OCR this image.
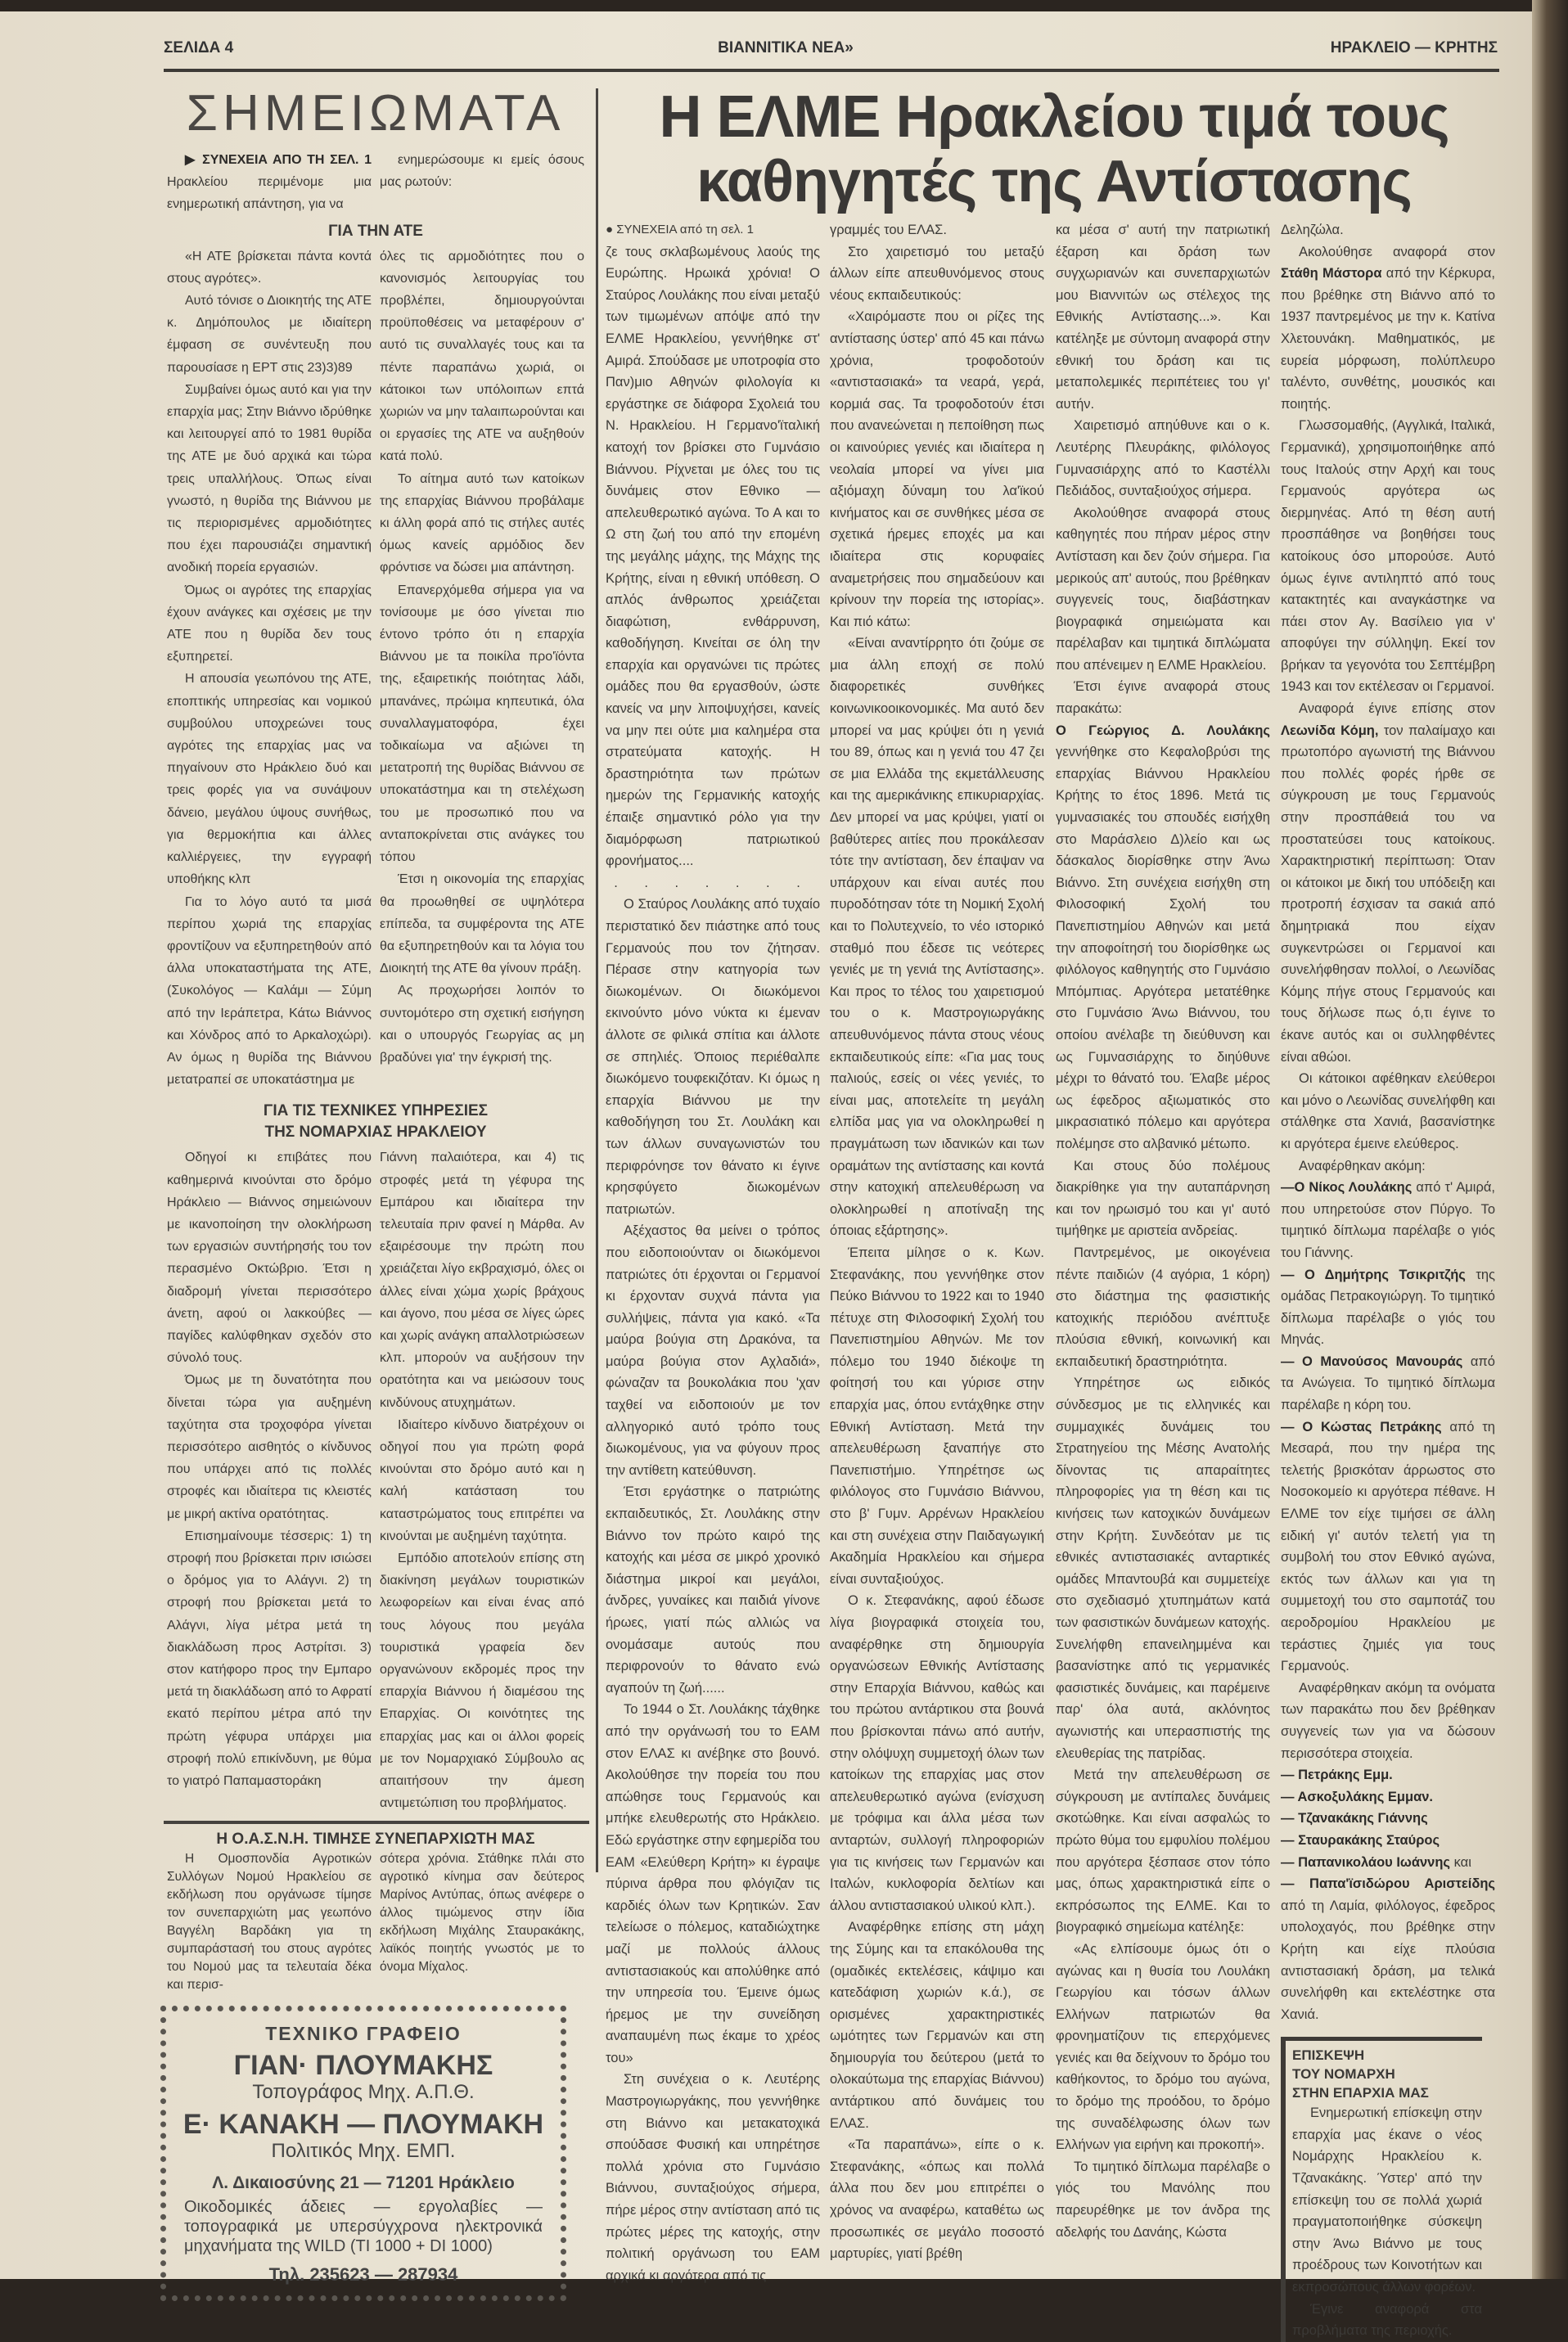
ΣΕΛΙΔΑ 4	ΒΙΑΝΝΙΤΙΚΑ ΝΕΑ»	ΗΡΑΚΛΕΙΟ — ΚΡΗΤΗΣ
ΣΗΜΕΙΩΜΑΤΑ

▶ ΣΥΝΕΧΕΙΑ ΑΠΟ ΤΗ ΣΕΛ. 1 Ηρακλείου περιμένομε μια ενημερωτική απάντηση, για να

ενημερώσουμε κι εμείς όσους μας ρωτούν:

ΓΙΑ ΤΗΝ ΑΤΕ

«Η ΑΤΕ βρίσκεται πάντα κοντά στους αγρότες».

Αυτό τόνισε ο Διοικητής της ΑΤΕ κ. Δημόπουλος με ιδιαίτερη έμφαση σε συνέντευξη που παρουσίασε η ΕΡΤ στις 23)3)89

Συμβαίνει όμως αυτό και για την επαρχία μας; Στην Βιάννο ιδρύθηκε και λειτουργεί από το 1981 θυρίδα της ΑΤΕ με δυό αρχικά και τώρα τρεις υπαλλήλους. Όπως είναι γνωστό, η θυρίδα της Βιάννου με τις περιορισμένες αρμοδιότητες που έχει παρουσιάζει σημαντική ανοδική πορεία εργασιών.

Όμως οι αγρότες της επαρχίας έχουν ανάγκες και σχέσεις με την ΑΤΕ που η θυρίδα δεν τους εξυπηρετεί.

Η απουσία γεωπόνου της ΑΤΕ, εποπτικής υπηρεσίας και νομικού συμβούλου υποχρεώνει τους αγρότες της επαρχίας μας να πηγαίνουν στο Ηράκλειο δυό και τρεις φορές για να συνάψουν δάνειο, μεγάλου ύψους συνήθως, για θερμοκήπια και άλλες καλλιέργειες, την εγγραφή υποθήκης κλπ

Για το λόγο αυτό τα μισά περίπου χωριά της επαρχίας φροντίζουν να εξυπηρετηθούν από άλλα υποκαταστήματα της ΑΤΕ, (Συκολόγος — Καλάμι — Σύμη από την Ιεράπετρα, Κάτω Βιάννος και Χόνδρος από το Αρκαλοχώρι). Αν όμως η θυρίδα της Βιάννου μετατραπεί σε υποκατάστημα με

όλες τις αρμοδιότητες που ο κανονισμός λειτουργίας του προβλέπει, δημιουργούνται προϋποθέσεις να μεταφέρουν σ' αυτό τις συναλλαγές τους και τα πέντε παραπάνω χωριά, οι κάτοικοι των υπόλοιπων επτά χωριών να μην ταλαιπωρούνται και οι εργασίες της ΑΤΕ να αυξηθούν κατά πολύ.

Το αίτημα αυτό των κατοίκων της επαρχίας Βιάννου προβάλαμε κι άλλη φορά από τις στήλες αυτές όμως κανείς αρμόδιος δεν φρόντισε να δώσει μια απάντηση.

Επανερχόμεθα σήμερα για να τονίσουμε με όσο γίνεται πιο έντονο τρόπο ότι η επαρχία Βιάννου με τα ποικίλα προ'ϊόντα της, εξαιρετικής ποιότητας λάδι, μπανάνες, πρώιμα κηπευτικά, όλα συναλλαγματοφόρα, έχει τοδικαίωμα να αξιώνει τη μετατροπή της θυρίδας Βιάννου σε υποκατάστημα και τη στελέχωση του με προσωπικό που να ανταποκρίνεται στις ανάγκες του τόπου

Έτσι η οικονομία της επαρχίας θα προωθηθεί σε υψηλότερα επίπεδα, τα συμφέροντα της ΑΤΕ θα εξυπηρετηθούν και τα λόγια του Διοικητή της ΑΤΕ θα γίνουν πράξη.

Ας προχωρήσει λοιπόν το συντομότερο στη σχετική εισήγηση και ο υπουργός Γεωργίας ας μη βραδύνει για' την έγκρισή της.

ΓΙΑ ΤΙΣ ΤΕΧΝΙΚΕΣ ΥΠΗΡΕΣΙΕΣ
ΤΗΣ ΝΟΜΑΡΧΙΑΣ ΗΡΑΚΛΕΙΟΥ

Οδηγοί κι επιβάτες που καθημερινά κινούνται στο δρόμο Ηράκλειο — Βιάννος σημειώνουν με ικανοποίηση την ολοκλήρωση των εργασιών συντήρησής του τον περασμένο Οκτώβριο. Έτσι η διαδρομή γίνεται περισσότερο άνετη, αφού οι λακκούβες — παγίδες καλύφθηκαν σχεδόν στο σύνολό τους.

Όμως με τη δυνατότητα που δίνεται τώρα για αυξημένη ταχύτητα στα τροχοφόρα γίνεται περισσότερο αισθητός ο κίνδυνος που υπάρχει από τις πολλές στροφές και ιδιαίτερα τις κλειστές με μικρή ακτίνα ορατότητας.

Επισημαίνουμε τέσσερις: 1) τη στροφή που βρίσκεται πριν ισιώσει ο δρόμος για το Αλάγνι. 2) τη στροφή που βρίσκεται μετά το Αλάγνι, λίγα μέτρα μετά τη διακλάδωση προς Αστρίτσι. 3) στον κατήφορο προς την Εμπαρο μετά τη διακλάδωση από το Αφρατί εκατό περίπου μέτρα από την πρώτη γέφυρα υπάρχει μια στροφή πολύ επικίνδυνη, με θύμα το γιατρό Παπαμαστοράκη

Γιάννη παλαιότερα, και 4) τις στροφές μετά τη γέφυρα της Εμπάρου και ιδιαίτερα την τελευταία πριν φανεί η Μάρθα. Αν εξαιρέσουμε την πρώτη που χρειάζεται λίγο εκβραχισμό, όλες οι άλλες είναι χώμα χωρίς βράχους και άγονο, που μέσα σε λίγες ώρες και χωρίς ανάγκη απαλλοτριώσεων κλπ. μπορούν να αυξήσουν την ορατότητα και να μειώσουν τους κινδύνους ατυχημάτων.

Ιδιαίτερο κίνδυνο διατρέχουν οι οδηγοί που για πρώτη φορά κινούνται στο δρόμο αυτό και η καλή κατάσταση του καταστρώματος τους επιτρέπει να κινούνται με αυξημένη ταχύτητα.

Εμπόδιο αποτελούν επίσης στη διακίνηση μεγάλων τουριστικών λεωφορείων και είναι ένας από τους λόγους που μεγάλα τουριστικά γραφεία δεν οργανώνουν εκδρομές προς την επαρχία Βιάννου ή διαμέσου της Επαρχίας. Οι κοινότητες της επαρχίας μας και οι άλλοι φορείς με τον Νομαρχιακό Σύμβουλο ας απαιτήσουν την άμεση αντιμετώπιση του προβλήματος.

Η Ο.Α.Σ.Ν.Η. ΤΙΜΗΣΕ ΣΥΝΕΠΑΡΧΙΩΤΗ ΜΑΣ

Η Ομοσπονδία Αγροτικών Συλλόγων Νομού Ηρακλείου σε εκδήλωση που οργάνωσε τίμησε τον συνεπαρχιώτη μας γεωπόνο Βαγγέλη Βαρδάκη για τη συμπαράστασή του στους αγρότες του Νομού μας τα τελευταία δέκα και περισ-

σότερα χρόνια. Στάθηκε πλάι στο αγροτικό κίνημα σαν δεύτερος Μαρίνος Αντύπας, όπως ανέφερε ο άλλος τιμώμενος στην ίδια εκδήλωση Μιχάλης Σταυρακάκης, λαϊκός ποιητής γνωστός με το όνομα Μίχαλος.

ΤΕΧΝΙΚΟ ΓΡΑΦΕΙΟ
ΓΙΑΝ· ΠΛΟΥΜΑΚΗΣ
Τοπογράφος Μηχ. Α.Π.Θ.
Ε· ΚΑΝΑΚΗ — ΠΛΟΥΜΑΚΗ
Πολιτικός Μηχ. ΕΜΠ.
Λ. Δικαιοσύνης 21 — 71201 Ηράκλειο
Οικοδομικές άδειες — εργολαβίες — τοπογραφικά με υπερσύγχρονα ηλεκτρονικά μηχανήματα της WILD (TI 1000 + DI 1000)
Τηλ. 235623 — 287934
Η ΕΛΜΕ Ηρακλείου τιμά τους
καθηγητές της Αντίστασης

● ΣΥΝΕΧΕΙΑ από τη σελ. 1

ζε τους σκλαβωμένους λαούς της Ευρώπης. Ηρωικά χρόνια! Ο Σταύρος Λουλάκης που είναι μεταξύ των τιμωμένων απόψε από την ΕΛΜΕ Ηρακλείου, γεννήθηκε στ' Αμιρά. Σπούδασε με υποτροφία στο Παν)μιο Αθηνών φιλολογία κι εργάστηκε σε διάφορα Σχολειά του Ν. Ηρακλείου. Η Γερμανο'ϊταλική κατοχή τον βρίσκει στο Γυμνάσιο Βιάννου. Ρίχνεται με όλες του τις δυνάμεις στον Εθνικο — απελευθερωτικό αγώνα. Το Α και το Ω στη ζωή του από την επομένη της μεγάλης μάχης, της Μάχης της Κρήτης, είναι η εθνική υπόθεση. Ο απλός άνθρωπος χρειάζεται διαφώτιση, ενθάρρυνση, καθοδήγηση. Κινείται σε όλη την επαρχία και οργανώνει τις πρώτες ομάδες που θα εργασθούν, ώστε κανείς να μην λιποψυχήσει, κανείς να μην πει ούτε μια καλημέρα στα στρατεύματα κατοχής. Η δραστηριότητα των πρώτων ημερών της Γερμανικής κατοχής έπαιξε σημαντικό ρόλο για την διαμόρφωση πατριωτικού φρονήματος....

. . . . . . .

Ο Σταύρος Λουλάκης από τυχαίο περιστατικό δεν πιάστηκε από τους Γερμανούς που τον ζήτησαν. Πέρασε στην κατηγορία των διωκομένων. Οι διωκόμενοι εκινούντο μόνο νύκτα κι έμεναν άλλοτε σε φιλικά σπίτια και άλλοτε σε σπηλιές. Όποιος περιέθαλπε διωκόμενο τουφεκιζόταν. Κι όμως η επαρχία Βιάννου με την καθοδήγηση του Στ. Λουλάκη και των άλλων συναγωνιστών του περιφρόνησε τον θάνατο κι έγινε κρησφύγετο διωκομένων πατριωτών.

Αξέχαστος θα μείνει ο τρόπος που ειδοποιούνταν οι διωκόμενοι πατριώτες ότι έρχονται οι Γερμανοί κι έρχονταν συχνά πάντα για συλλήψεις, πάντα για κακό. «Τα μαύρα βούγια στη Δρακόνα, τα μαύρα βούγια στον Αχλαδιά», φώναζαν τα βουκολάκια που 'χαν ταχθεί να ειδοποιούν με τον αλληγορικό αυτό τρόπο τους διωκομένους, για να φύγουν προς την αντίθετη κατεύθυνση.

Έτσι εργάστηκε ο πατριώτης εκπαιδευτικός, Στ. Λουλάκης στην Βιάννο τον πρώτο καιρό της κατοχής και μέσα σε μικρό χρονικό διάστημα μικροί και μεγάλοι, άνδρες, γυναίκες και παιδιά γίνονε ήρωες, γιατί πώς αλλιώς να ονομάσαμε αυτούς που περιφρονούν το θάνατο ενώ αγαπούν τη ζωή......

Το 1944 ο Στ. Λουλάκης τάχθηκε από την οργάνωσή του το ΕΑΜ στον ΕΛΑΣ κι ανέβηκε στο βουνό. Ακολούθησε την πορεία του που απώθησε τους Γερμανούς και μπήκε ελευθερωτής στο Ηράκλειο. Εδώ εργάστηκε στην εφημερίδα του ΕΑΜ «Ελεύθερη Κρήτη» κι έγραψε πύρινα άρθρα που φλόγιζαν τις καρδιές όλων των Κρητικών. Σαν τελείωσε ο πόλεμος, καταδιώχτηκε μαζί με πολλούς άλλους αντιστασιακούς και απολύθηκε από την υπηρεσία του. Έμεινε όμως ήρεμος με την συνείδηση αναπαυμένη πως έκαμε το χρέος του»

Στη συνέχεια ο κ. Λευτέρης Μαστρογιωργάκης, που γεννήθηκε στη Βιάννο και μετακατοχικά σπούδασε Φυσική και υπηρέτησε πολλά χρόνια στο Γυμνάσιο Βιάννου, συνταξιούχος σήμερα, πήρε μέρος στην αντίσταση από τις πρώτες μέρες της κατοχής, στην πολιτική οργάνωση του ΕΑΜ αρχικά κι αργότερα από τις

γραμμές του ΕΛΑΣ.

Στο χαιρετισμό του μεταξύ άλλων είπε απευθυνόμενος στους νέους εκπαιδευτικούς:

«Χαιρόμαστε που οι ρίζες της αντίστασης ύστερ' από 45 και πάνω χρόνια, τροφοδοτούν «αντιστασιακά» τα νεαρά, γερά, κορμιά σας. Τα τροφοδοτούν έτσι που ανανεώνεται η πεποίθηση πως οι καινούριες γενιές και ιδιαίτερα η νεολαία μπορεί να γίνει μια αξιόμαχη δύναμη του λα'ϊκού κινήματος και σε συνθήκες μέσα σε σχετικά ήρεμες εποχές μα και ιδιαίτερα στις κορυφαίες αναμετρήσεις που σημαδεύουν και κρίνουν την πορεία της ιστορίας». Και πιό κάτω:

«Είναι αναντίρρητο ότι ζούμε σε μια άλλη εποχή σε πολύ διαφορετικές συνθήκες κοινωνικοοικονομικές. Μα αυτό δεν μπορεί να μας κρύψει ότι η γενιά του 89, όπως και η γενιά του 47 ζει σε μια Ελλάδα της εκμετάλλευσης και της αμερικάνικης επικυριαρχίας. Δεν μπορεί να μας κρύψει, γιατί οι βαθύτερες αιτίες που προκάλεσαν τότε την αντίσταση, δεν έπαψαν να υπάρχουν και είναι αυτές που πυροδότησαν τότε τη Νομική Σχολή και το Πολυτεχνείο, το νέο ιστορικό σταθμό που έδεσε τις νεότερες γενιές με τη γενιά της Αντίστασης». Και προς το τέλος του χαιρετισμού του ο κ. Μαστρογιωργάκης απευθυνόμενος πάντα στους νέους εκπαιδευτικούς είπε: «Για μας τους παλιούς, εσείς οι νέες γενιές, το είναι μας, αποτελείτε τη μεγάλη ελπίδα μας για να ολοκληρωθεί η πραγμάτωση των ιδανικών και των οραμάτων της αντίστασης και κοντά στην κατοχική απελευθέρωση να ολοκληρωθεί η αποτίναξη της όποιας εξάρτησης».

Έπειτα μίλησε ο κ. Κων. Στεφανάκης, που γεννήθηκε στον Πεύκο Βιάννου το 1922 και το 1940 πέτυχε στη Φιλοσοφική Σχολή του Πανεπιστημίου Αθηνών. Με τον πόλεμο του 1940 διέκοψε τη φοίτησή του και γύρισε στην επαρχία μας, όπου εντάχθηκε στην Εθνική Αντίσταση. Μετά την απελευθέρωση ξαναπήγε στο Πανεπιστήμιο. Υπηρέτησε ως φιλόλογος στο Γυμνάσιο Βιάννου, στο β' Γυμν. Αρρένων Ηρακλείου και στη συνέχεια στην Παιδαγωγική Ακαδημία Ηρακλείου και σήμερα είναι συνταξιούχος.

Ο κ. Στεφανάκης, αφού έδωσε λίγα βιογραφικά στοιχεία του, αναφέρθηκε στη δημιουργία οργανώσεων Εθνικής Αντίστασης στην Επαρχία Βιάννου, καθώς και του πρώτου αντάρτικου στα βουνά που βρίσκονται πάνω από αυτήν, στην ολόψυχη συμμετοχή όλων των κατοίκων της επαρχίας μας στον απελευθερωτικό αγώνα (ενίσχυση με τρόφιμα και άλλα μέσα των ανταρτών, συλλογή πληροφοριών για τις κινήσεις των Γερμανών και Ιταλών, κυκλοφορία δελτίων και άλλου αντιστασιακού υλικού κλπ.).

Αναφέρθηκε επίσης στη μάχη της Σύμης και τα επακόλουθα της (ομαδικές εκτελέσεις, κάψιμο και κατεδάφιση χωριών κ.ά.), σε ορισμένες χαρακτηριστικές ωμότητες των Γερμανών και στη δημιουργία του δεύτερου (μετά το ολοκαύτωμα της επαρχίας Βιάννου) αντάρτικου από δυνάμεις του ΕΛΑΣ.

«Τα παραπάνω», είπε ο κ. Στεφανάκης, «όπως και πολλά άλλα που δεν μου επιτρέπει ο χρόνος να αναφέρω, καταθέτω ως προσωπικές σε μεγάλο ποσοστό μαρτυρίες, γιατί βρέθη

κα μέσα σ' αυτή την πατριωτική έξαρση και δράση των συγχωριανών και συνεπαρχιωτών μου Βιαννιτών ως στέλεχος της Εθνικής Αντίστασης...». Και κατέληξε με σύντομη αναφορά στην εθνική του δράση και τις μεταπολεμικές περιπέτειες του γι' αυτήν.

Χαιρετισμό απηύθυνε και ο κ. Λευτέρης Πλευράκης, φιλόλογος Γυμνασιάρχης από το Καστέλλι Πεδιάδος, συνταξιούχος σήμερα.

Ακολούθησε αναφορά στους καθηγητές που πήραν μέρος στην Αντίσταση και δεν ζούν σήμερα. Για μερικούς απ' αυτούς, που βρέθηκαν συγγενείς τους, διαβάστηκαν βιογραφικά σημειώματα και παρέλαβαν και τιμητικά διπλώματα που απένειμεν η ΕΛΜΕ Ηρακλείου.

Έτσι έγινε αναφορά στους παρακάτω:

Ο Γεώργιος Δ. Λουλάκης γεννήθηκε στο Κεφαλοβρύσι της επαρχίας Βιάννου Ηρακλείου Κρήτης το έτος 1896. Μετά τις γυμνασιακές του σπουδές εισήχθη στο Μαράσλειο Δ)λείο και ως δάσκαλος διορίσθηκε στην Άνω Βιάννο. Στη συνέχεια εισήχθη στη Φιλοσοφική Σχολή του Πανεπιστημίου Αθηνών και μετά την αποφοίτησή του διορίσθηκε ως φιλόλογος καθηγητής στο Γυμνάσιο Μπόμπιας. Αργότερα μετατέθηκε στο Γυμνάσιο Άνω Βιάννου, του οποίου ανέλαβε τη διεύθυνση και ως Γυμνασιάρχης το διηύθυνε μέχρι το θάνατό του. Έλαβε μέρος ως έφεδρος αξιωματικός στο μικρασιατικό πόλεμο και αργότερα πολέμησε στο αλβανικό μέτωπο.

Και στους δύο πολέμους διακρίθηκε για την αυταπάρνηση και τον ηρωισμό του και γι' αυτό τιμήθηκε με αριστεία ανδρείας.

Παντρεμένος, με οικογένεια πέντε παιδιών (4 αγόρια, 1 κόρη) στο διάστημα της φασιστικής κατοχικής περιόδου ανέπτυξε πλούσια εθνική, κοινωνική και εκπαιδευτική δραστηριότητα.

Υπηρέτησε ως ειδικός σύνδεσμος με τις ελληνικές και συμμαχικές δυνάμεις του Στρατηγείου της Μέσης Ανατολής δίνοντας τις απαραίτητες πληροφορίες για τη θέση και τις κινήσεις των κατοχικών δυνάμεων στην Κρήτη. Συνδεόταν με τις εθνικές αντιστασιακές ανταρτικές ομάδες Μπαντουβά και συμμετείχε στο σχεδιασμό χτυπημάτων κατά των φασιστικών δυνάμεων κατοχής. Συνελήφθη επανειλημμένα και βασανίστηκε από τις γερμανικές φασιστικές δυνάμεις, και παρέμεινε παρ' όλα αυτά, ακλόνητος αγωνιστής και υπερασπιστής της ελευθερίας της πατρίδας.

Μετά την απελευθέρωση σε σύγκρουση με αντίπαλες δυνάμεις σκοτώθηκε. Και είναι ασφαλώς το πρώτο θύμα του εμφυλίου πολέμου που αργότερα ξέσπασε στον τόπο μας, όπως χαρακτηριστικά είπε ο εκπρόσωπος της ΕΛΜΕ. Και το βιογραφικό σημείωμα κατέληξε:

«Ας ελπίσουμε όμως ότι ο αγώνας και η θυσία του Λουλάκη Γεωργίου και τόσων άλλων Ελλήνων πατριωτών θα φρονηματίζουν τις επερχόμενες γενιές και θα δείχνουν το δρόμο του καθήκοντος, το δρόμο του αγώνα, το δρόμο της προόδου, το δρόμο της συναδέλφωσης όλων των Ελλήνων για ειρήνη και προκοπή».

Το τιμητικό δίπλωμα παρέλαβε ο γιός του Μανόλης που παρευρέθηκε με τον άνδρα της αδελφής του Δανάης, Κώστα

Δεληζώλα.

Ακολούθησε αναφορά στον Στάθη Μάστορα από την Κέρκυρα, που βρέθηκε στη Βιάννο από το 1937 παντρεμένος με την κ. Κατίνα Χλετουνάκη. Μαθηματικός, με ευρεία μόρφωση, πολύπλευρο ταλέντο, συνθέτης, μουσικός και ποιητής.

Γλωσσομαθής, (Αγγλικά, Ιταλικά, Γερμανικά), χρησιμοποιήθηκε από τους Ιταλούς στην Αρχή και τους Γερμανούς αργότερα ως διερμηνέας. Από τη θέση αυτή προσπάθησε να βοηθήσει τους κατοίκους όσο μπορούσε. Αυτό όμως έγινε αντιληπτό από τους κατακτητές και αναγκάστηκε να πάει στον Αγ. Βασίλειο για ν' αποφύγει την σύλληψη. Εκεί τον βρήκαν τα γεγονότα του Σεπτέμβρη 1943 και τον εκτέλεσαν οι Γερμανοί.

Αναφορά έγινε επίσης στον Λεωνίδα Κόμη, τον παλαίμαχο και πρωτοπόρο αγωνιστή της Βιάννου που πολλές φορές ήρθε σε σύγκρουση με τους Γερμανούς στην προσπάθειά του να προστατεύσει τους κατοίκους. Χαρακτηριστική περίπτωση: Όταν οι κάτοικοι με δική του υπόδειξη και προτροπή έσχισαν τα σακιά από δημητριακά που είχαν συγκεντρώσει οι Γερμανοί και συνελήφθησαν πολλοί, ο Λεωνίδας Κόμης πήγε στους Γερμανούς και τους δήλωσε πως ό,τι έγινε το έκανε αυτός και οι συλληφθέντες είναι αθώοι.

Οι κάτοικοι αφέθηκαν ελεύθεροι και μόνο ο Λεωνίδας συνελήφθη και στάλθηκε στα Χανιά, βασανίστηκε κι αργότερα έμεινε ελεύθερος.

Αναφέρθηκαν ακόμη:

—Ο Νίκος Λουλάκης από τ' Αμιρά, που υπηρετούσε στον Πύργο. Το τιμητικό δίπλωμα παρέλαβε ο γιός του Γιάννης.

— Ο Δημήτρης Τσικριτζής της ομάδας Πετρακογιώργη. Το τιμητικό δίπλωμα παρέλαβε ο γιός του Μηνάς.

— Ο Μανούσος Μανουράς από τα Ανώγεια. Το τιμητικό δίπλωμα παρέλαβε η κόρη του.

— Ο Κώστας Πετράκης από τη Μεσαρά, που την ημέρα της τελετής βρισκόταν άρρωστος στο Νοσοκομείο κι αργότερα πέθανε. Η ΕΛΜΕ τον είχε τιμήσει σε άλλη ειδική γι' αυτόν τελετή για τη συμβολή του στον Εθνικό αγώνα, εκτός των άλλων και για τη συμμετοχή του στο σαμποτάζ του αεροδρομίου Ηρακλείου με τεράστιες ζημιές για τους Γερμανούς.

Αναφέρθηκαν ακόμη τα ονόματα των παρακάτω που δεν βρέθηκαν συγγενείς των για να δώσουν περισσότερα στοιχεία.

— Πετράκης Εμμ.

— Ασκοξυλάκης Εμμαν.

— Τζανακάκης Γιάννης

— Σταυρακάκης Σταύρος

— Παπανικολάου Ιωάννης και

— Παπα'ϊσιδώρου Αριστείδης από τη Λαμία, φιλόλογος, έφεδρος υπολοχαγός, που βρέθηκε στην Κρήτη και είχε πλούσια αντιστασιακή δράση, μα τελικά συνελήφθη και εκτελέστηκε στα Χανιά.

ΕΠΙΣΚΕΨΗ
ΤΟΥ ΝΟΜΑΡΧΗ
ΣΤΗΝ ΕΠΑΡΧΙΑ ΜΑΣ

Ενημερωτική επίσκεψη στην επαρχία μας έκανε ο νέος Νομάρχης Ηρακλείου κ. Τζανακάκης. Ύστερ' από την επίσκεψη του σε πολλά χωριά πραγματοποιήθηκε σύσκεψη στην Άνω Βιάννο με τους προέδρους των Κοινοτήτων και εκπροσώπους άλλων φορέων.

Έγινε αναφορά στα προβλήματα της περιοχής.
